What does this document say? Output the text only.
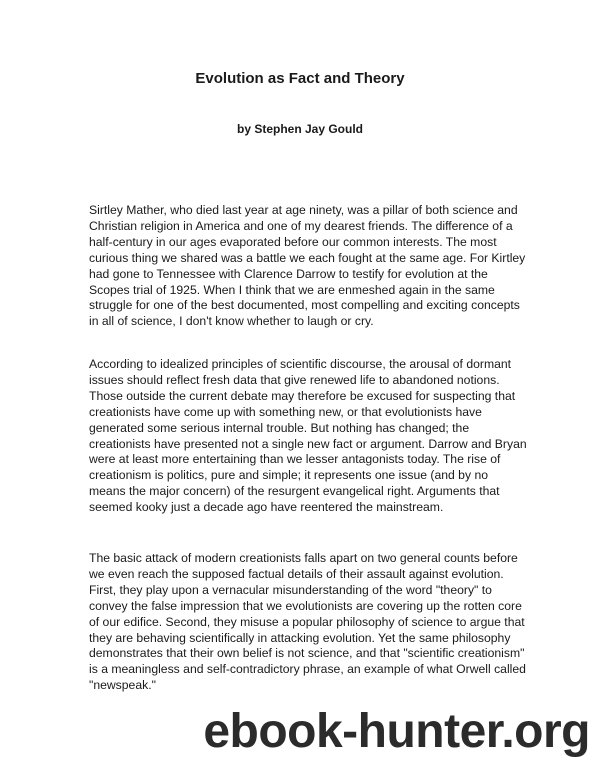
Evolution as Fact and Theory
by Stephen Jay Gould

Sirtley Mather, who died last year at age ninety, was a pillar of both science and
Christian religion in America and one of my dearest friends. The difference of a
half-century in our ages evaporated before our common interests. The most
curious thing we shared was a battle we each fought at the same age. For Kirtley
had gone to Tennessee with Clarence Darrow to testify for evolution at the
Scopes trial of 1925. When I think that we are enmeshed again in the same
struggle for one of the best documented, most compelling and exciting concepts
in all of science, I don't know whether to laugh or cry.

According to idealized principles of scientific discourse, the arousal of dormant
issues should reflect fresh data that give renewed life to abandoned notions.
Those outside the current debate may therefore be excused for suspecting that
creationists have come up with something new, or that evolutionists have
generated some serious internal trouble. But nothing has changed; the
creationists have presented not a single new fact or argument. Darrow and Bryan
were at least more entertaining than we lesser antagonists today. The rise of
creationism is politics, pure and simple; it represents one issue (and by no
means the major concern) of the resurgent evangelical right. Arguments that
seemed kooky just a decade ago have reentered the mainstream.

The basic attack of modern creationists falls apart on two general counts before
we even reach the supposed factual details of their assault against evolution.
First, they play upon a vernacular misunderstanding of the word "theory" to
convey the false impression that we evolutionists are covering up the rotten core
of our edifice. Second, they misuse a popular philosophy of science to argue that
they are behaving scientifically in attacking evolution. Yet the same philosophy
demonstrates that their own belief is not science, and that "scientific creationism"
is a meaningless and self-contradictory phrase, an example of what Orwell called
"newspeak."

ebook-hunter.org
